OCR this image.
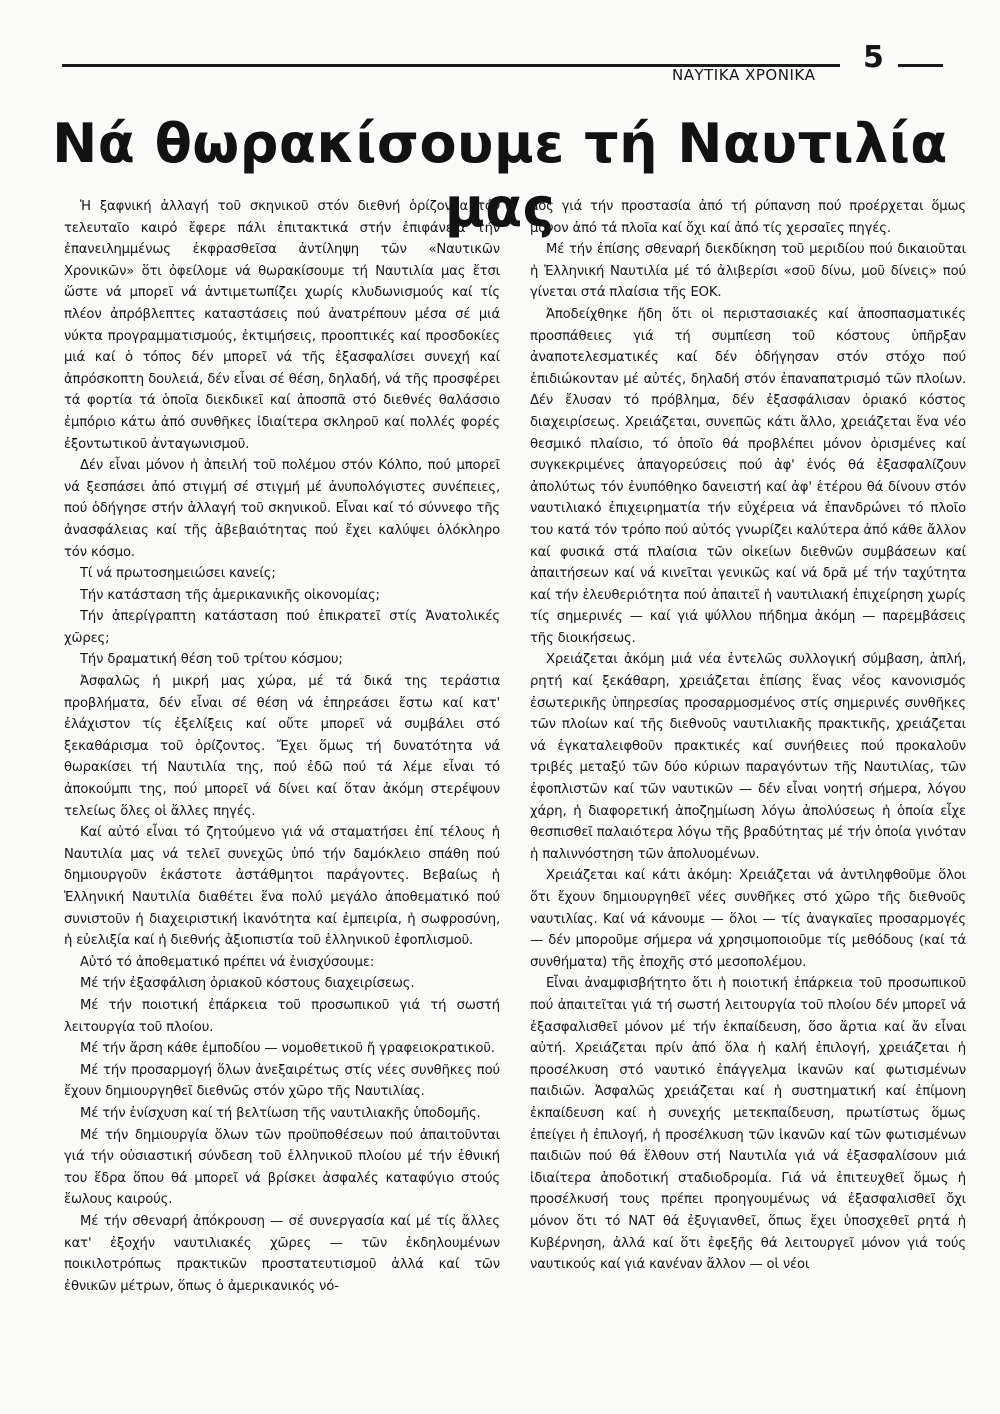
5
ΝΑΥΤΙΚΑ ΧΡΟΝΙΚΑ
Νά θωρακίσουμε τή Ναυτιλία μας

Ἡ ξαφνική ἀλλαγή τοῦ σκηνικοῦ στόν διεθνή ὁρίζοντα τόν τελευταῖο καιρό ἔφερε πάλι ἐπιτακτικά στήν ἐπιφάνεια τήν ἐπανειλημμένως ἐκφρασθεῖσα ἀντίληψη τῶν «Ναυτικῶν Χρονικῶν» ὅτι ὀφείλομε νά θωρακίσουμε τή Ναυτιλία μας ἔτσι ὥστε νά μπορεῖ νά ἀντιμετωπίζει χωρίς κλυδωνισμούς καί τίς πλέον ἀπρόβλεπτες καταστάσεις πού ἀνατρέπουν μέσα σέ μιά νύκτα προγραμματισμούς, ἐκτιμήσεις, προοπτικές καί προσδοκίες μιά καί ὁ τόπος δέν μπορεῖ νά τῆς ἐξασφαλίσει συνεχή καί ἀπρόσκοπτη δουλειά, δέν εἶναι σέ θέση, δηλαδή, νά τῆς προσφέρει τά φορτία τά ὁποῖα διεκδικεῖ καί ἀποσπᾶ στό διεθνές θαλάσσιο ἐμπόριο κάτω ἀπό συνθῆκες ἰδιαίτερα σκληροῦ καί πολλές φορές ἐξοντωτικοῦ ἀνταγωνισμοῦ.

Δέν εἶναι μόνον ἡ ἀπειλή τοῦ πολέμου στόν Κόλπο, πού μπορεῖ νά ξεσπάσει ἀπό στιγμή σέ στιγμή μέ ἀνυπολόγιστες συνέπειες, πού ὁδήγησε στήν ἀλλαγή τοῦ σκηνικοῦ. Εἶναι καί τό σύννεφο τῆς ἀνασφάλειας καί τῆς ἀβεβαιότητας πού ἔχει καλύψει ὁλόκληρο τόν κόσμο.

Τί νά πρωτοσημειώσει κανείς;

Τήν κατάσταση τῆς ἀμερικανικῆς οἰκονομίας;

Τήν ἀπερίγραπτη κατάσταση πού ἐπικρατεῖ στίς Ἀνατολικές χῶρες;

Τήν δραματική θέση τοῦ τρίτου κόσμου;

Ἀσφαλῶς ἡ μικρή μας χώρα, μέ τά δικά της τεράστια προβλήματα, δέν εἶναι σέ θέση νά ἐπηρεάσει ἔστω καί κατ' ἐλάχιστον τίς ἐξελίξεις καί οὔτε μπορεῖ νά συμβάλει στό ξεκαθάρισμα τοῦ ὁρίζοντος. Ἔχει ὅμως τή δυνατότητα νά θωρακίσει τή Ναυτιλία της, πού ἐδῶ πού τά λέμε εἶναι τό ἀποκούμπι της, πού μπορεῖ νά δίνει καί ὅταν ἀκόμη στερέψουν τελείως ὅλες οἱ ἄλλες πηγές.

Καί αὐτό εἶναι τό ζητούμενο γιά νά σταματήσει ἐπί τέλους ἡ Ναυτιλία μας νά τελεῖ συνεχῶς ὑπό τήν δαμόκλειο σπάθη πού δημιουργοῦν ἑκάστοτε ἀστάθμητοι παράγοντες. Βεβαίως ἡ Ἑλληνική Ναυτιλία διαθέτει ἕνα πολύ μεγάλο ἀποθεματικό πού συνιστοῦν ἡ διαχειριστική ἱκανότητα καί ἐμπειρία, ἡ σωφροσύνη, ἡ εὐελιξία καί ἡ διεθνής ἀξιοπιστία τοῦ ἑλληνικοῦ ἐφοπλισμοῦ.

Αὐτό τό ἀποθεματικό πρέπει νά ἐνισχύσουμε:

Μέ τήν ἐξασφάλιση ὀριακοῦ κόστους διαχειρίσεως.

Μέ τήν ποιοτική ἐπάρκεια τοῦ προσωπικοῦ γιά τή σωστή λειτουργία τοῦ πλοίου.

Μέ τήν ἄρση κάθε ἐμποδίου — νομοθετικοῦ ἤ γραφειοκρατικοῦ.

Μέ τήν προσαρμογή ὅλων ἀνεξαιρέτως στίς νέες συνθῆκες πού ἔχουν δημιουργηθεῖ διεθνῶς στόν χῶρο τῆς Ναυτιλίας.

Μέ τήν ἐνίσχυση καί τή βελτίωση τῆς ναυτιλιακῆς ὑποδομῆς.

Μέ τήν δημιουργία ὅλων τῶν προϋποθέσεων πού ἀπαιτοῦνται γιά τήν οὐσιαστική σύνδεση τοῦ ἑλληνικοῦ πλοίου μέ τήν ἐθνική του ἕδρα ὅπου θά μπορεῖ νά βρίσκει ἀσφαλές καταφύγιο στούς ἔωλους καιρούς.

Μέ τήν σθεναρή ἀπόκρουση — σέ συνεργασία καί μέ τίς ἄλλες κατ' ἐξοχήν ναυτιλιακές χῶρες — τῶν ἐκδηλουμένων ποικιλοτρόπως πρακτικῶν προστατευτισμοῦ ἀλλά καί τῶν ἐθνικῶν μέτρων, ὅπως ὁ ἀμερικανικός νό-

μος γιά τήν προστασία ἀπό τή ρύπανση πού προέρχεται ὅμως μόνον ἀπό τά πλοῖα καί ὄχι καί ἀπό τίς χερσαῖες πηγές.

Μέ τήν ἐπίσης σθεναρή διεκδίκηση τοῦ μεριδίου πού δικαιοῦται ἡ Ἑλληνική Ναυτιλία μέ τό ἀλιβερίσι «σοῦ δίνω, μοῦ δίνεις» πού γίνεται στά πλαίσια τῆς ΕΟΚ.

Ἀποδείχθηκε ἤδη ὅτι οἱ περιστασιακές καί ἀποσπασματικές προσπάθειες γιά τή συμπίεση τοῦ κόστους ὑπῆρξαν ἀναποτελεσματικές καί δέν ὁδήγησαν στόν στόχο πού ἐπιδιώκονταν μέ αὐτές, δηλαδή στόν ἐπαναπατρισμό τῶν πλοίων. Δέν ἔλυσαν τό πρόβλημα, δέν ἐξασφάλισαν ὀριακό κόστος διαχειρίσεως. Χρειάζεται, συνεπῶς κάτι ἄλλο, χρειάζεται ἕνα νέο θεσμικό πλαίσιο, τό ὁποῖο θά προβλέπει μόνον ὁρισμένες καί συγκεκριμένες ἀπαγορεύσεις πού ἀφ' ἑνός θά ἐξασφαλίζουν ἀπολύτως τόν ἐνυπόθηκο δανειστή καί ἀφ' ἑτέρου θά δίνουν στόν ναυτιλιακό ἐπιχειρηματία τήν εὐχέρεια νά ἐπανδρώνει τό πλοῖο του κατά τόν τρόπο πού αὐτός γνωρίζει καλύτερα ἀπό κάθε ἄλλον καί φυσικά στά πλαίσια τῶν οἰκείων διεθνῶν συμβάσεων καί ἀπαιτήσεων καί νά κινεῖται γενικῶς καί νά δρᾶ μέ τήν ταχύτητα καί τήν ἐλευθεριότητα πού ἀπαιτεῖ ἡ ναυτιλιακή ἐπιχείρηση χωρίς τίς σημερινές — καί γιά ψύλλου πήδημα ἀκόμη — παρεμβάσεις τῆς διοικήσεως.

Χρειάζεται ἀκόμη μιά νέα ἐντελῶς συλλογική σύμβαση, ἁπλή, ρητή καί ξεκάθαρη, χρειάζεται ἐπίσης ἕνας νέος κανονισμός ἐσωτερικῆς ὑπηρεσίας προσαρμοσμένος στίς σημερινές συνθῆκες τῶν πλοίων καί τῆς διεθνοῦς ναυτιλιακῆς πρακτικῆς, χρειάζεται νά ἐγκαταλειφθοῦν πρακτικές καί συνήθειες πού προκαλοῦν τριβές μεταξύ τῶν δύο κύριων παραγόντων τῆς Ναυτιλίας, τῶν ἐφοπλιστῶν καί τῶν ναυτικῶν — δέν εἶναι νοητή σήμερα, λόγου χάρη, ἡ διαφορετική ἀποζημίωση λόγω ἀπολύσεως ἡ ὁποία εἶχε θεσπισθεῖ παλαιότερα λόγω τῆς βραδύτητας μέ τήν ὁποία γινόταν ἡ παλιννόστηση τῶν ἀπολυομένων.

Χρειάζεται καί κάτι ἀκόμη: Χρειάζεται νά ἀντιληφθοῦμε ὅλοι ὅτι ἔχουν δημιουργηθεῖ νέες συνθῆκες στό χῶρο τῆς διεθνοῦς ναυτιλίας. Καί νά κάνουμε — ὅλοι — τίς ἀναγκαῖες προσαρμογές — δέν μποροῦμε σήμερα νά χρησιμοποιοῦμε τίς μεθόδους (καί τά συνθήματα) τῆς ἐποχῆς στό μεσοπολέμου.

Εἶναι ἀναμφισβήτητο ὅτι ἡ ποιοτική ἐπάρκεια τοῦ προσωπικοῦ πού ἀπαιτεῖται γιά τή σωστή λειτουργία τοῦ πλοίου δέν μπορεῖ νά ἐξασφαλισθεῖ μόνον μέ τήν ἐκπαίδευση, ὅσο ἄρτια καί ἄν εἶναι αὐτή. Χρειάζεται πρίν ἀπό ὅλα ἡ καλή ἐπιλογή, χρειάζεται ἡ προσέλκυση στό ναυτικό ἐπάγγελμα ἱκανῶν καί φωτισμένων παιδιῶν. Ἀσφαλῶς χρειάζεται καί ἡ συστηματική καί ἐπίμονη ἐκπαίδευση καί ἡ συνεχής μετεκπαίδευση, πρωτίστως ὅμως ἐπείγει ἡ ἐπιλογή, ἡ προσέλκυση τῶν ἱκανῶν καί τῶν φωτισμένων παιδιῶν πού θά ἔλθουν στή Ναυτιλία γιά νά ἐξασφαλίσουν μιά ἰδιαίτερα ἀποδοτική σταδιοδρομία. Γιά νά ἐπιτευχθεῖ ὅμως ἡ προσέλκυσή τους πρέπει προηγουμένως νά ἐξασφαλισθεῖ ὄχι μόνον ὅτι τό ΝΑΤ θά ἐξυγιανθεῖ, ὅπως ἔχει ὑποσχεθεῖ ρητά ἡ Κυβέρνηση, ἀλλά καί ὅτι ἐφεξῆς θά λειτουργεῖ μόνον γιά τούς ναυτικούς καί γιά κανέναν ἄλλον — οἱ νέοι
